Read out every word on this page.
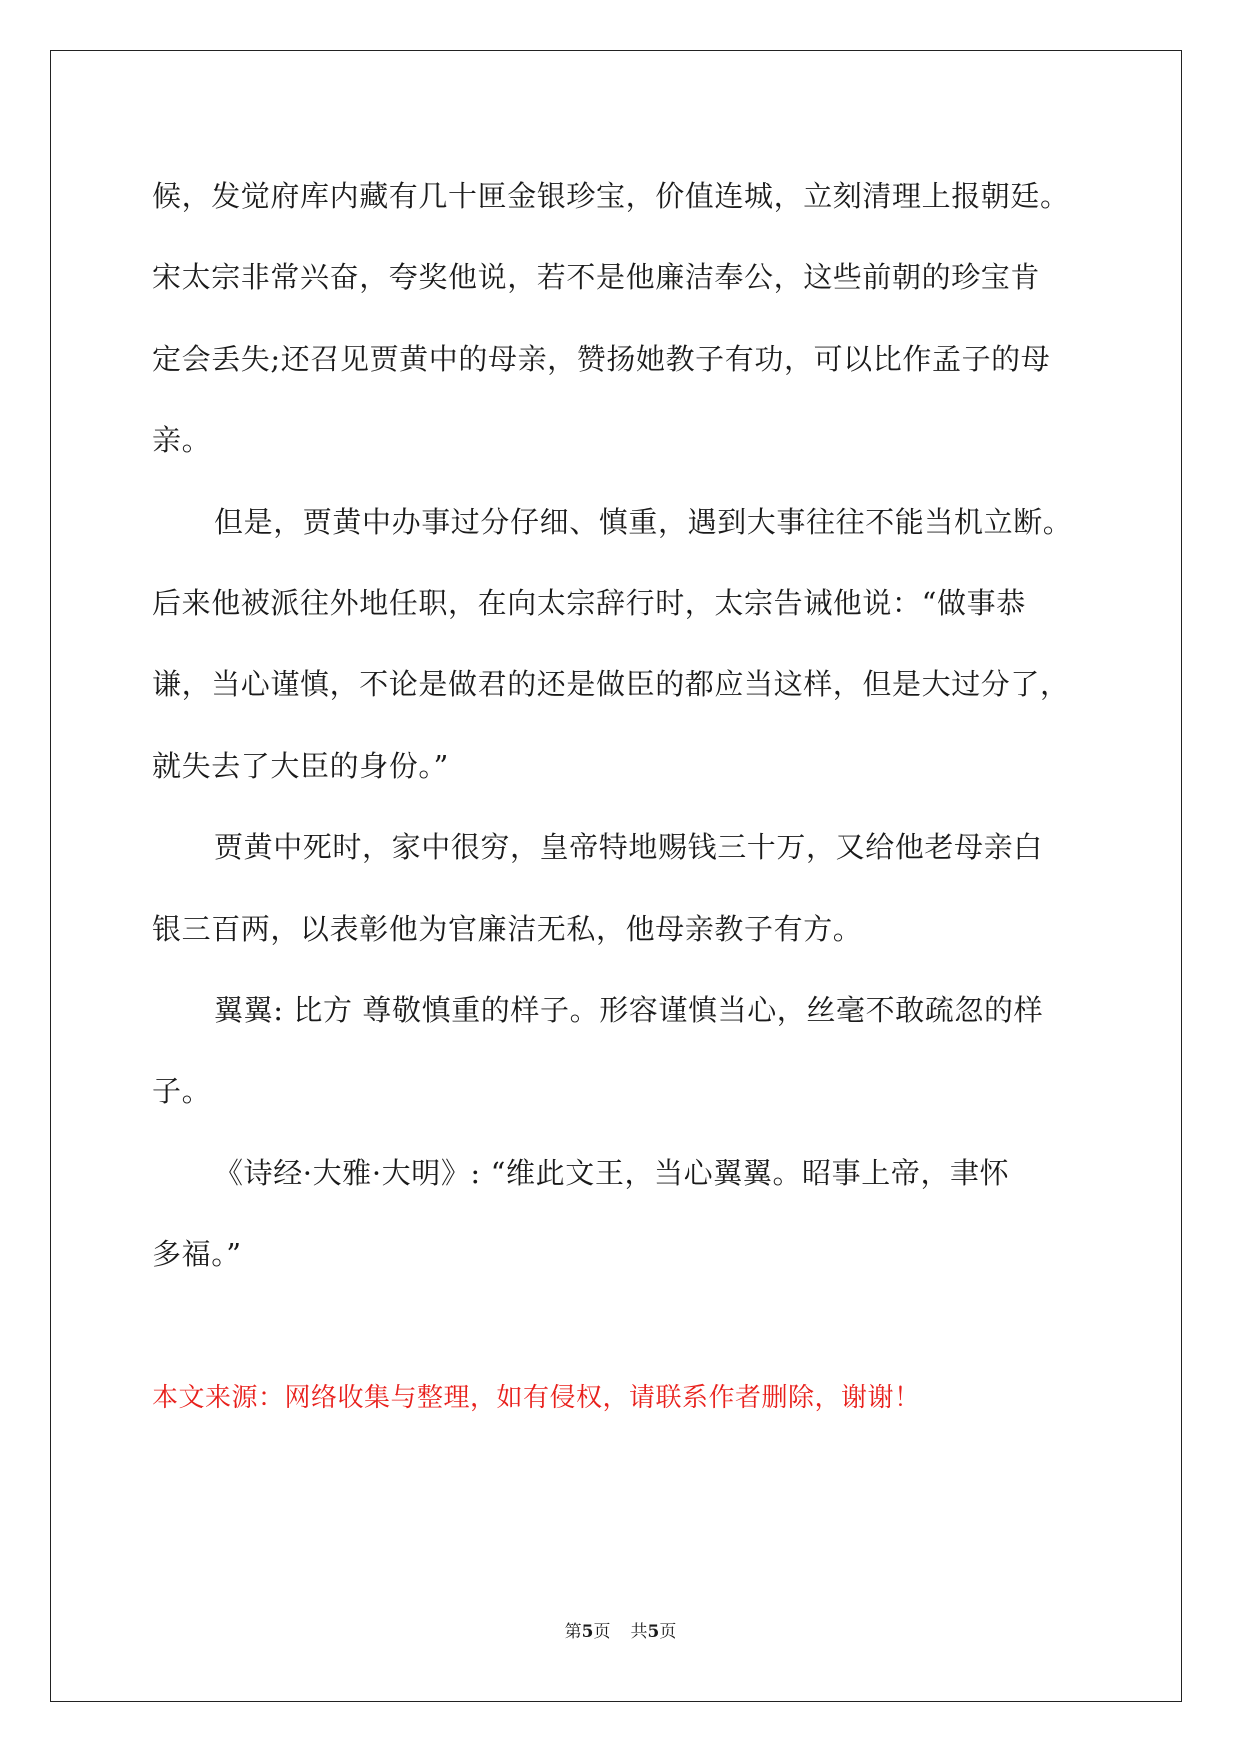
候，发觉府库内藏有几十匣金银珍宝，价值连城，立刻清理上报朝廷。
宋太宗非常兴奋，夸奖他说，若不是他廉洁奉公，这些前朝的珍宝肯
定会丢失;还召见贾黄中的母亲，赞扬她教子有功，可以比作孟子的母
亲。
但是，贾黄中办事过分仔细、慎重，遇到大事往往不能当机立断。
后来他被派往外地任职，在向太宗辞行时，太宗告诫他说：“做事恭
谦，当心谨慎，不论是做君的还是做臣的都应当这样，但是大过分了，
就失去了大臣的身份。”
贾黄中死时，家中很穷，皇帝特地赐钱三十万，又给他老母亲白
银三百两，以表彰他为官廉洁无私，他母亲教子有方。
翼翼: 比方 尊敬慎重的样子。形容谨慎当心，丝毫不敢疏忽的样
子。
《诗经·大雅·大明》: “维此文王，当心翼翼。昭事上帝，聿怀
多福。”
本文来源：网络收集与整理，如有侵权，请联系作者删除，谢谢！
第5页 共5页
